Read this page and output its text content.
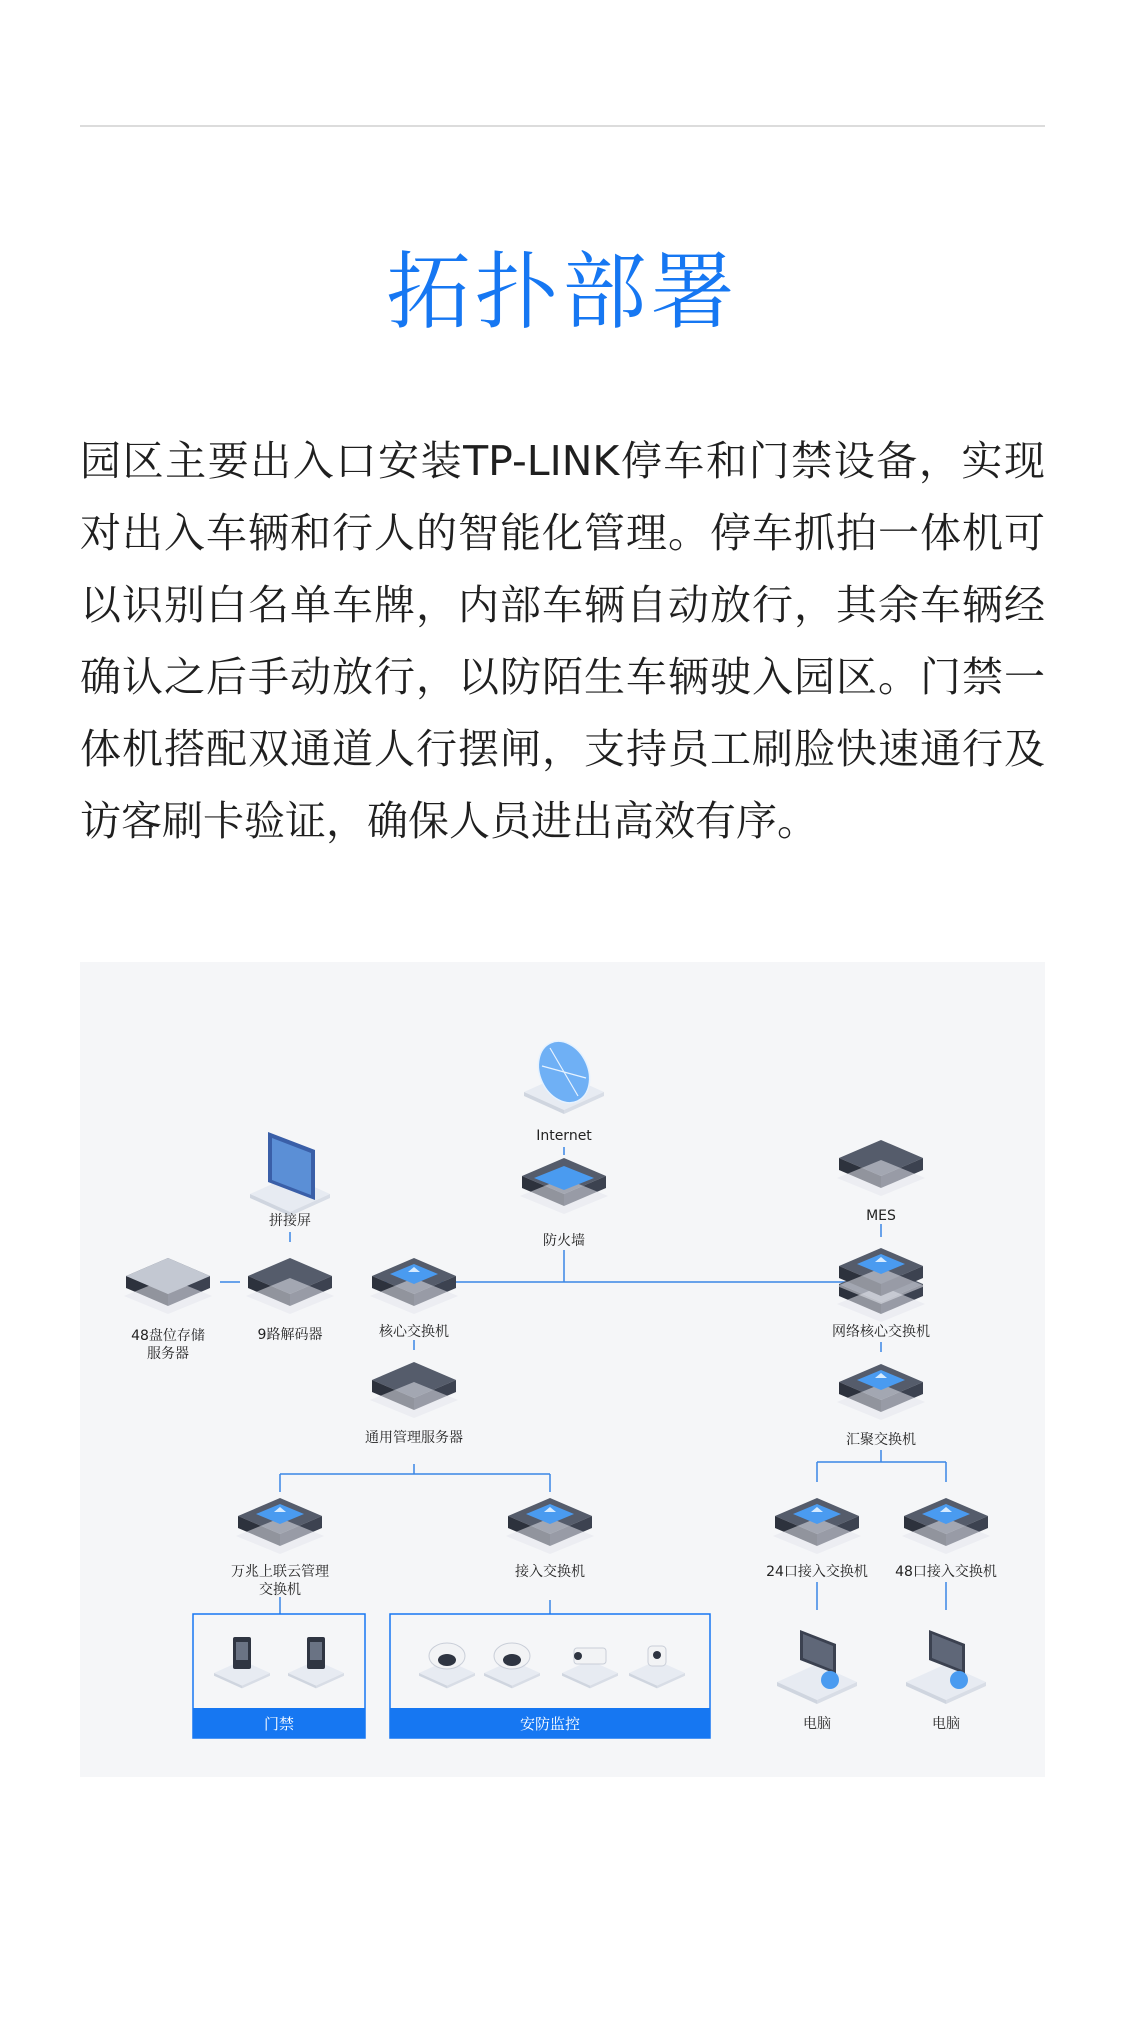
拓扑部署
园区主要出入口安装TP-LINK停车和门禁设备，实现对出入车辆和行人的智能化管理。停车抓拍一体机可以识别白名单车牌，内部车辆自动放行，其余车辆经确认之后手动放行，以防陌生车辆驶入园区。门禁一体机搭配双通道人行摆闸，支持员工刷脸快速通行及访客刷卡验证，确保人员进出高效有序。
Internet
防火墙
拼接屏
48盘位存储
服务器
9路解码器	核心交换机
通用管理服务器
万兆上联云管理
交换机
接入交换机
门禁	安防监控
MES
网络核心交换机
汇聚交换机
24口接入交换机 48口接入交换机
电脑	电脑
